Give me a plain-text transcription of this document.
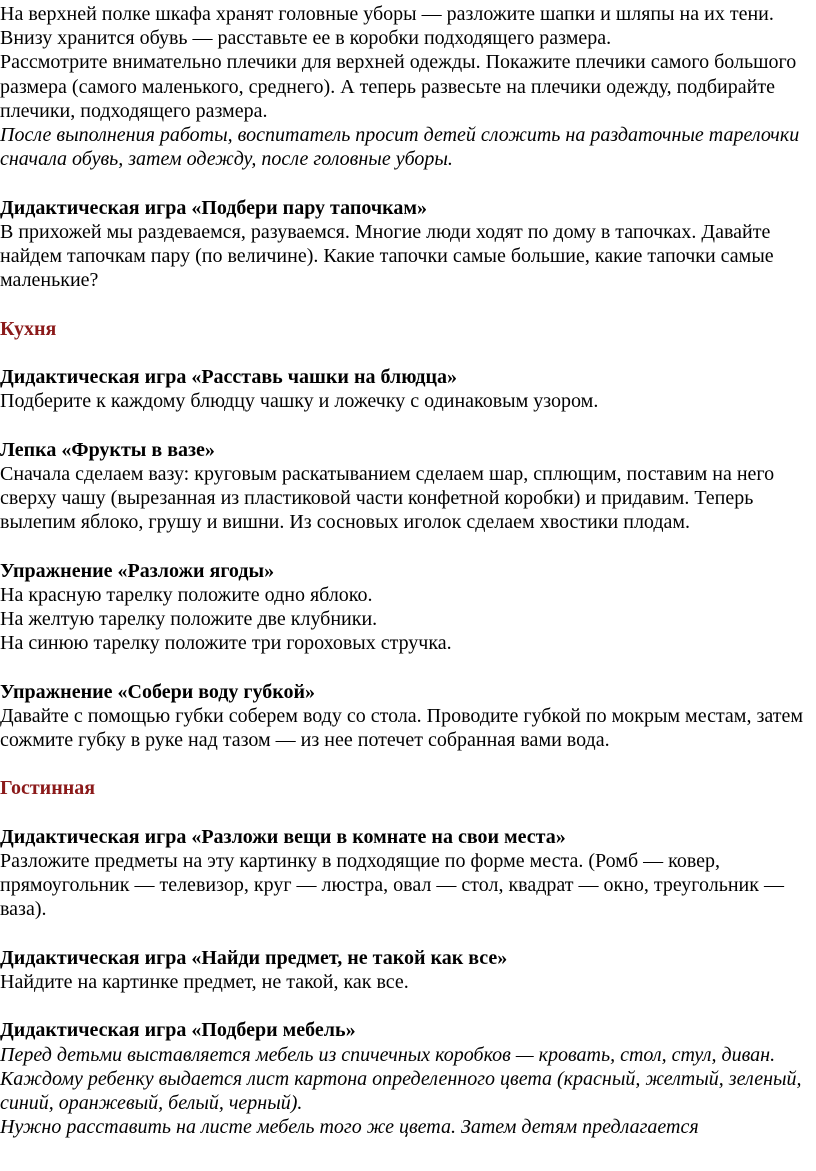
На верхней полке шкафа хранят головные уборы — разложите шапки и шляпы на их тени.

Внизу хранится обувь — расставьте ее в коробки подходящего размера.

Рассмотрите внимательно плечики для верхней одежды. Покажите плечики самого большого размера (самого маленького, среднего). А теперь развесьте на плечики одежду, подбирайте плечики, подходящего размера.

После выполнения работы, воспитатель просит детей сложить на раздаточные тарелочки сначала обувь, затем одежду, после головные уборы.

Дидактическая игра «Подбери пару тапочкам»

В прихожей мы раздеваемся, разуваемся. Многие люди ходят по дому в тапочках. Давайте найдем тапочкам пару (по величине). Какие тапочки самые большие, какие тапочки самые маленькие?

Кухня

Дидактическая игра «Расставь чашки на блюдца»

Подберите к каждому блюдцу чашку и ложечку с одинаковым узором.

Лепка «Фрукты в вазе»

Сначала сделаем вазу: круговым раскатыванием сделаем шар, сплющим, поставим на него сверху чашу (вырезанная из пластиковой части конфетной коробки) и придавим. Теперь вылепим яблоко, грушу и вишни. Из сосновых иголок сделаем хвостики плодам.

Упражнение «Разложи ягоды»

На красную тарелку положите одно яблоко.

На желтую тарелку положите две клубники.

На синюю тарелку положите три гороховых стручка.

Упражнение «Собери воду губкой»

Давайте с помощью губки соберем воду со стола. Проводите губкой по мокрым местам, затем сожмите губку в руке над тазом — из нее потечет собранная вами вода.

Гостинная

Дидактическая игра «Разложи вещи в комнате на свои места»

Разложите предметы на эту картинку в подходящие по форме места. (Ромб — ковер, прямоугольник — телевизор, круг — люстра, овал — стол, квадрат — окно, треугольник — ваза).

Дидактическая игра «Найди предмет, не такой как все»

Найдите на картинке предмет, не такой, как все.

Дидактическая игра «Подбери мебель»

Перед детьми выставляется мебель из спичечных коробков — кровать, стол, стул, диван. Каждому ребенку выдается лист картона определенного цвета (красный, желтый, зеленый, синий, оранжевый, белый, черный).

Нужно расставить на листе мебель того же цвета. Затем детям предлагается
